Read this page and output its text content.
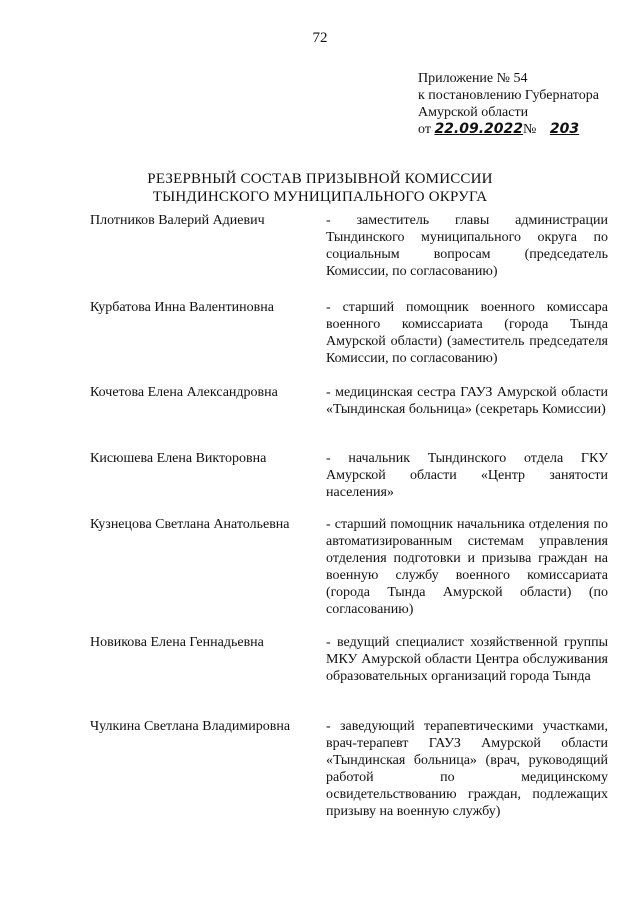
72
Приложение № 54
к постановлению Губернатора
Амурской области
от 22.09.2022№ 203
РЕЗЕРВНЫЙ СОСТАВ ПРИЗЫВНОЙ КОМИССИИ
ТЫНДИНСКОГО МУНИЦИПАЛЬНОГО ОКРУГА
Плотников Валерий Адиевич	- заместитель главы администрации Тындинского муниципального округа по социальным вопросам (председатель Комиссии, по согласованию)
Курбатова Инна Валентиновна	- старший помощник военного комиссара военного комиссариата (города Тында Амурской области) (заместитель председателя Комиссии, по согласованию)
Кочетова Елена Александровна	- медицинская сестра ГАУЗ Амурской области «Тындинская больница» (секретарь Комиссии)
Кисюшева Елена Викторовна	- начальник Тындинского отдела ГКУ Амурской области «Центр занятости населения»
Кузнецова Светлана Анатольевна	- старший помощник начальника отделения по автоматизированным системам управления отделения подготовки и призыва граждан на военную службу военного комиссариата (города Тында Амурской области) (по согласованию)
Новикова Елена Геннадьевна	- ведущий специалист хозяйственной группы МКУ Амурской области Центра обслуживания образовательных организаций города Тында
Чулкина Светлана Владимировна	- заведующий терапевтическими участками, врач-терапевт ГАУЗ Амурской области «Тындинская больница» (врач, руководящий работой по медицинскому освидетельствованию граждан, подлежащих призыву на военную службу)
